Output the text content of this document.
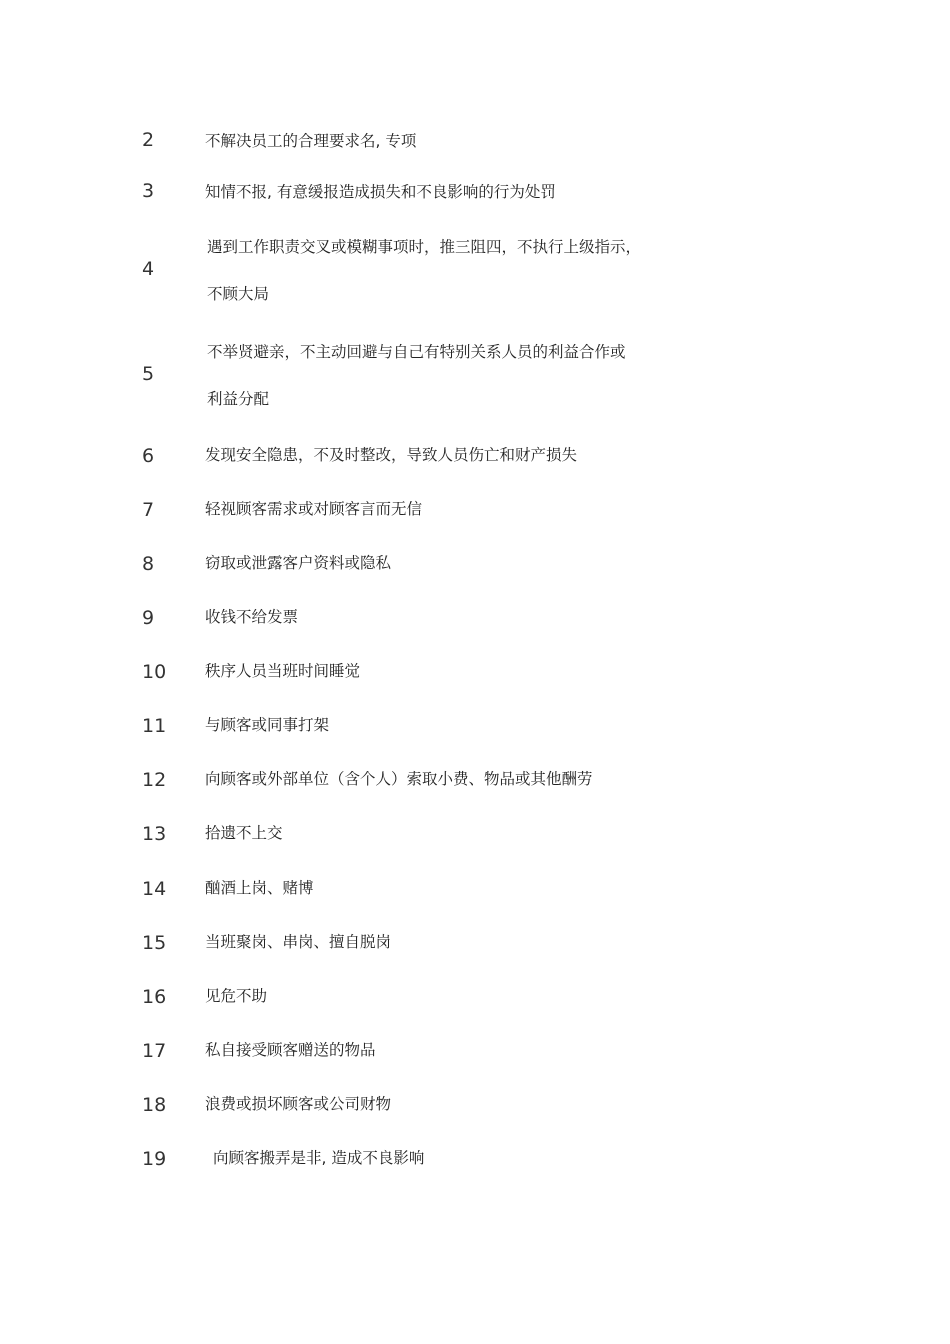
2	不解决员工的合理要求名, 专项
3	知情不报, 有意缓报造成损失和不良影响的行为处罚
4
遇到工作职责交叉或模糊事项时，推三阻四，不执行上级指示，
不顾大局
5
不举贤避亲，不主动回避与自己有特别关系人员的利益合作或
利益分配
6	发现安全隐患，不及时整改，导致人员伤亡和财产损失
7	轻视顾客需求或对顾客言而无信
8	窃取或泄露客户资料或隐私
9	收钱不给发票
10	秩序人员当班时间睡觉
11	与顾客或同事打架
12	向顾客或外部单位（含个人）索取小费、物品或其他酬劳
13	拾遗不上交
14	酗酒上岗、赌博
15	当班聚岗、串岗、擅自脱岗
16	见危不助
17	私自接受顾客赠送的物品
18	浪费或损坏顾客或公司财物
19	向顾客搬弄是非, 造成不良影响
